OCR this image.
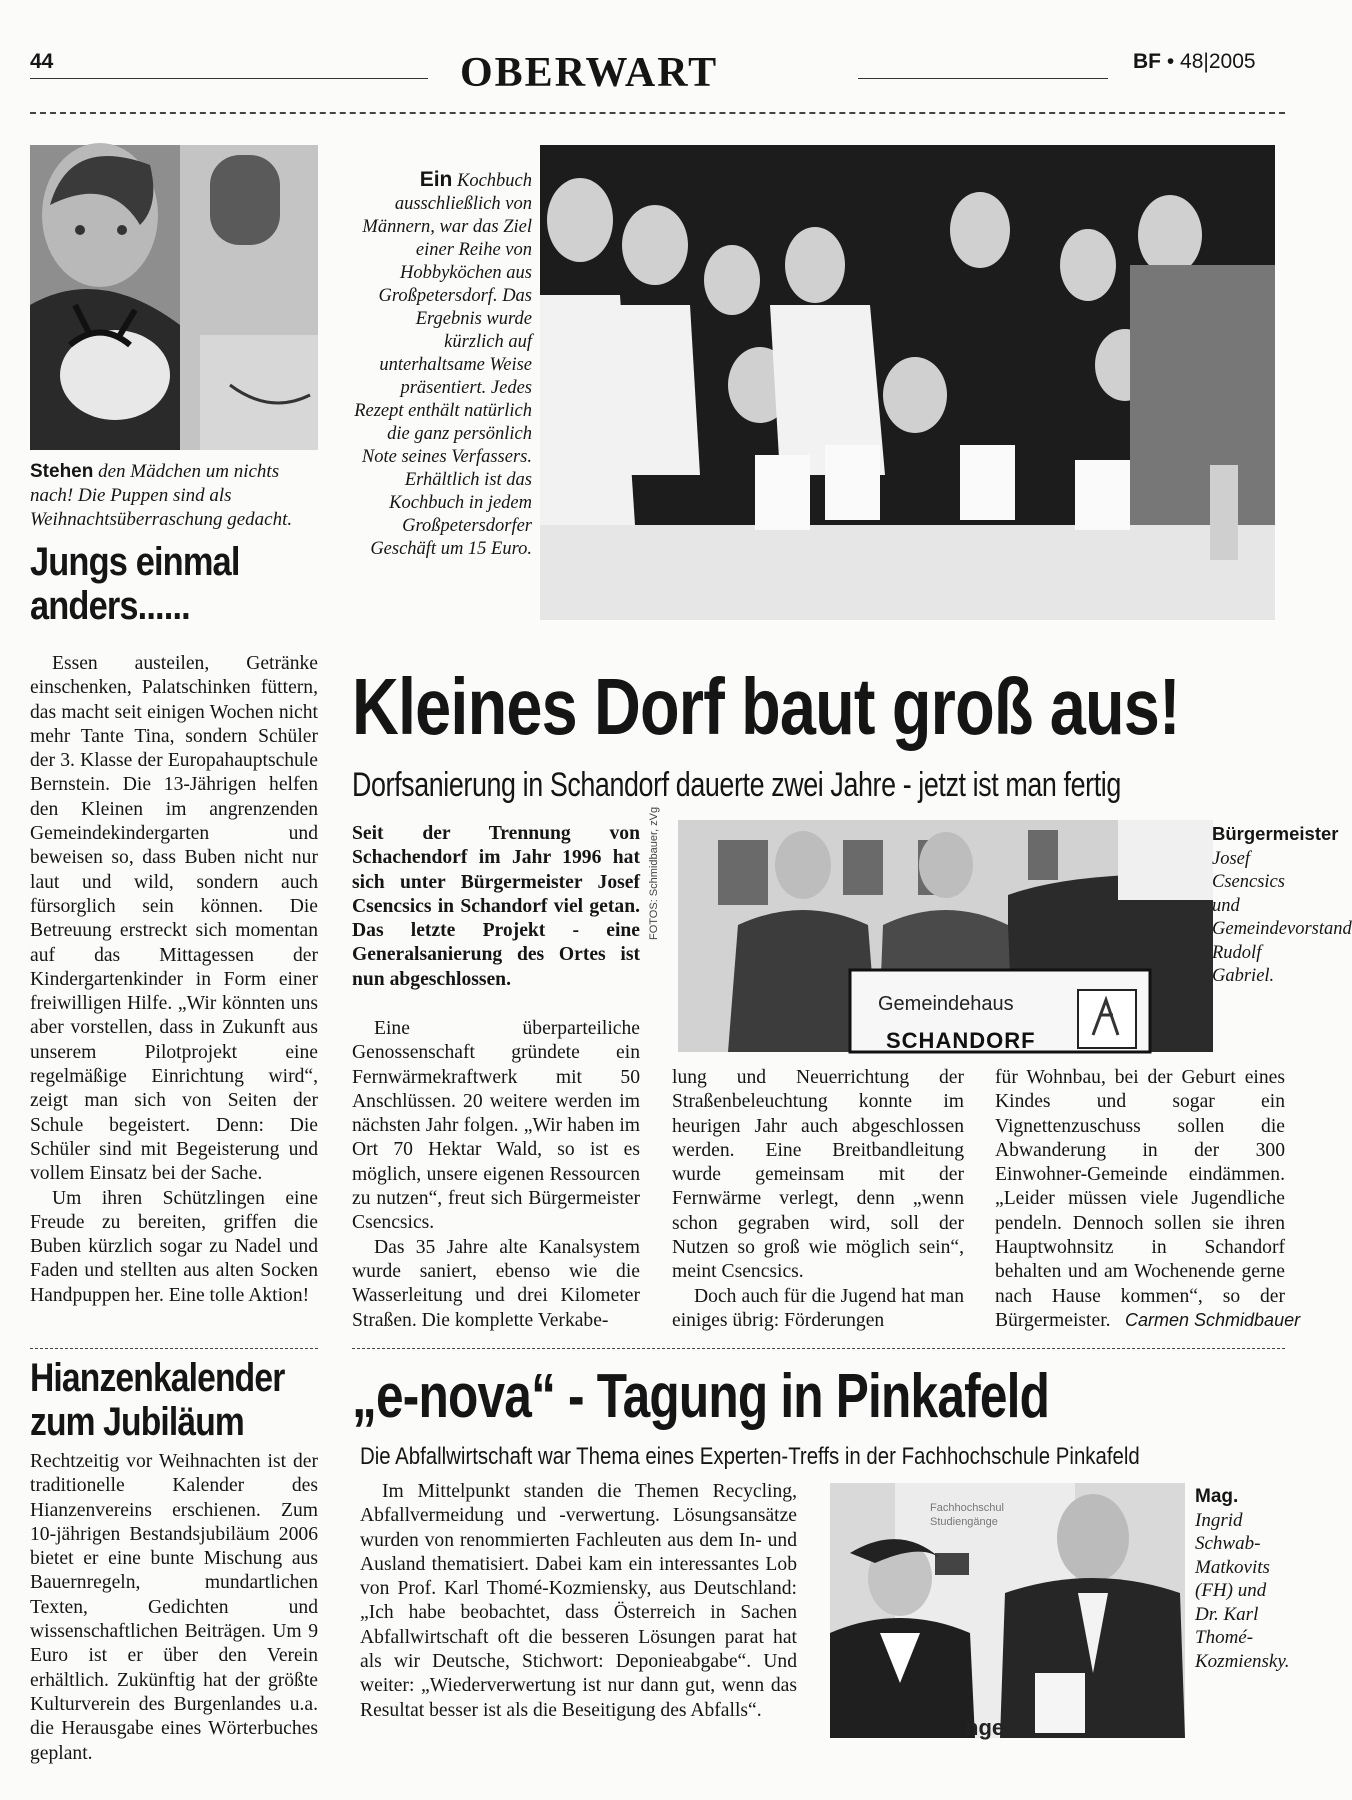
44	OBERWART	BF • 48|2005
Stehen den Mädchen um nichts nach! Die Puppen sind als Weihnachtsüberraschung gedacht.
Jungs einmal
anders......

Essen austeilen, Getränke einschenken, Palatschinken füttern, das macht seit einigen Wochen nicht mehr Tante Tina, sondern Schüler der 3. Klasse der Europahauptschule Bernstein. Die 13-Jährigen helfen den Kleinen im angrenzenden Gemeindekindergarten und beweisen so, dass Buben nicht nur laut und wild, sondern auch fürsorglich sein können. Die Betreuung erstreckt sich momentan auf das Mittagessen der Kindergartenkinder in Form einer freiwilligen Hilfe. „Wir könnten uns aber vorstellen, dass in Zukunft aus unserem Pilotprojekt eine regelmäßige Einrichtung wird“, zeigt man sich von Seiten der Schule begeistert. Denn: Die Schüler sind mit Begeisterung und vollem Einsatz bei der Sache.

Um ihren Schützlingen eine Freude zu bereiten, griffen die Buben kürzlich sogar zu Nadel und Faden und stellten aus alten Socken Handpuppen her. Eine tolle Aktion!

Ein Kochbuch ausschließlich von Männern, war das Ziel einer Reihe von Hobbyköchen aus Großpetersdorf. Das Ergebnis wurde kürzlich auf unterhaltsame Weise präsentiert. Jedes Rezept enthält natürlich die ganz persönlich Note seines Verfassers. Erhältlich ist das Kochbuch in jedem Großpetersdorfer Geschäft um 15 Euro.
Kleines Dorf baut groß aus!
Dorfsanierung in Schandorf dauerte zwei Jahre - jetzt ist man fertig

Seit der Trennung von Schachendorf im Jahr 1996 hat sich unter Bürgermeister Josef Csencsics in Schandorf viel getan. Das letzte Projekt - eine Generalsanierung des Ortes ist nun abgeschlossen.

FOTOS: Schmidbauer, zVg
Gemeindehaus
SCHANDORF
Bürgermeister Josef Csencsics und Gemeindevorstand Rudolf Gabriel.

Eine überparteiliche Genossenschaft gründete ein Fernwärmekraftwerk mit 50 Anschlüssen. 20 weitere werden im nächsten Jahr folgen. „Wir haben im Ort 70 Hektar Wald, so ist es möglich, unsere eigenen Ressourcen zu nutzen“, freut sich Bürgermeister Csencsics.

Das 35 Jahre alte Kanalsystem wurde saniert, ebenso wie die Wasserleitung und drei Kilometer Straßen. Die komplette Verkabe-

lung und Neuerrichtung der Straßenbeleuchtung konnte im heurigen Jahr auch abgeschlossen werden. Eine Breitbandleitung wurde gemeinsam mit der Fernwärme verlegt, denn „wenn schon gegraben wird, soll der Nutzen so groß wie möglich sein“, meint Csencsics.

Doch auch für die Jugend hat man einiges übrig: Förderungen

für Wohnbau, bei der Geburt eines Kindes und sogar ein Vignettenzuschuss sollen die Abwanderung in der 300 Einwohner-Gemeinde eindämmen. „Leider müssen viele Jugendliche pendeln. Dennoch sollen sie ihren Hauptwohnsitz in Schandorf behalten und am Wochenende gerne nach Hause kommen“, so der Bürgermeister. Carmen Schmidbauer
Hianzenkalender
zum Jubiläum

Rechtzeitig vor Weihnachten ist der traditionelle Kalender des Hianzenvereins erschienen. Zum 10-jährigen Bestandsjubiläum 2006 bietet er eine bunte Mischung aus Bauernregeln, mundartlichen Texten, Gedichten und wissenschaftlichen Beiträgen. Um 9 Euro ist er über den Verein erhältlich. Zukünftig hat der größte Kulturverein des Burgenlandes u.a. die Herausgabe eines Wörterbuches geplant.

„e-nova“ - Tagung in Pinkafeld
Die Abfallwirtschaft war Thema eines Experten-Treffs in der Fachhochschule Pinkafeld

Im Mittelpunkt standen die Themen Recycling, Abfallvermeidung und -verwertung. Lösungsansätze wurden von renommierten Fachleuten aus dem In- und Ausland thematisiert. Dabei kam ein interessantes Lob von Prof. Karl Thomé-Kozmiensky, aus Deutschland: „Ich habe beobachtet, dass Österreich in Sachen Abfallwirtschaft oft die besseren Lösungen parat hat als wir Deutsche, Stichwort: Deponieabgabe“. Und weiter: „Wiederverwertung ist nur dann gut, wenn das Resultat besser ist als die Beseitigung des Abfalls“.

Fachhochschul
Studiengänge
nge
Mag. Ingrid Schwab-Matkovits (FH) und Dr. Karl Thomé-Kozmiensky.
